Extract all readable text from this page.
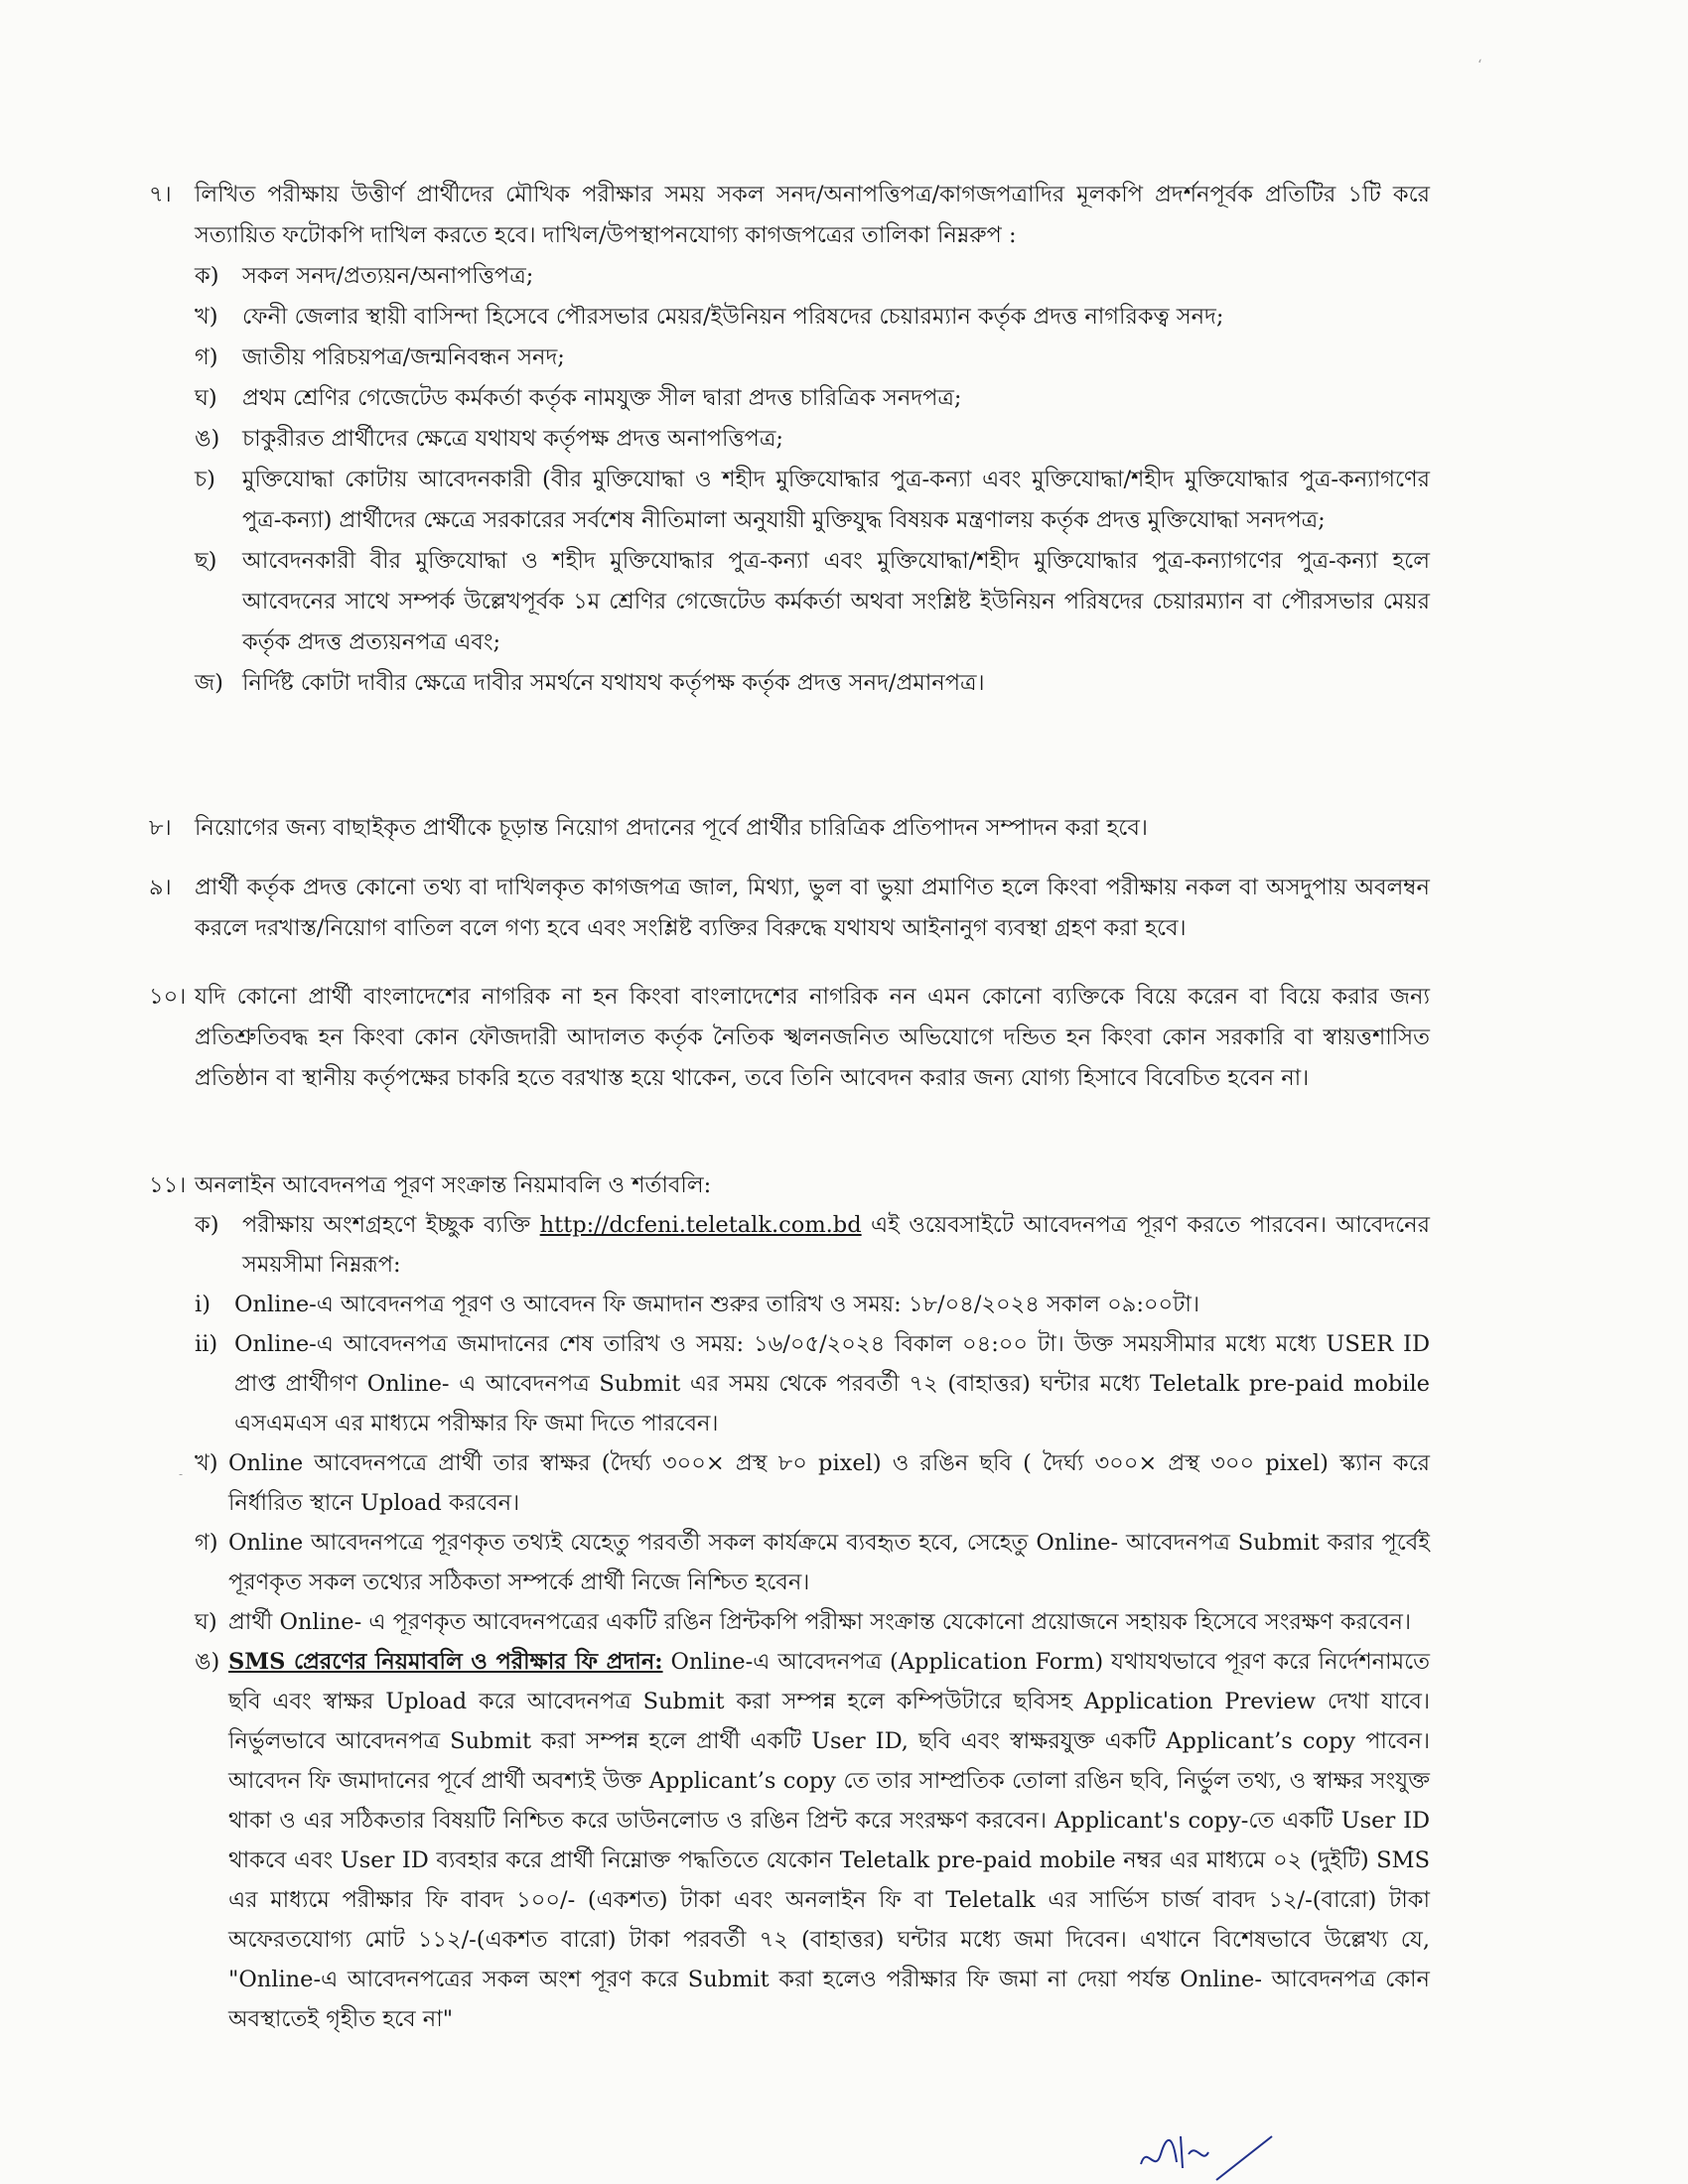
৭। লিখিত পরীক্ষায় উত্তীর্ণ প্রার্থীদের মৌখিক পরীক্ষার সময় সকল সনদ/অনাপত্তিপত্র/কাগজপত্রাদির মূলকপি প্রদর্শনপূর্বক প্রতিটির ১টি করে সত্যায়িত ফটোকপি দাখিল করতে হবে। দাখিল/উপস্থাপনযোগ্য কাগজপত্রের তালিকা নিম্নরুপ :
ক) সকল সনদ/প্রত্যয়ন/অনাপত্তিপত্র;
খ) ফেনী জেলার স্থায়ী বাসিন্দা হিসেবে পৌরসভার মেয়র/ইউনিয়ন পরিষদের চেয়ারম্যান কর্তৃক প্রদত্ত নাগরিকত্ব সনদ;
গ) জাতীয় পরিচয়পত্র/জন্মনিবন্ধন সনদ;
ঘ) প্রথম শ্রেণির গেজেটেড কর্মকর্তা কর্তৃক নামযুক্ত সীল দ্বারা প্রদত্ত চারিত্রিক সনদপত্র;
ঙ) চাকুরীরত প্রার্থীদের ক্ষেত্রে যথাযথ কর্তৃপক্ষ প্রদত্ত অনাপত্তিপত্র;
চ) মুক্তিযোদ্ধা কোটায় আবেদনকারী (বীর মুক্তিযোদ্ধা ও শহীদ মুক্তিযোদ্ধার পুত্র-কন্যা এবং মুক্তিযোদ্ধা/শহীদ মুক্তিযোদ্ধার পুত্র-কন্যাগণের পুত্র-কন্যা) প্রার্থীদের ক্ষেত্রে সরকারের সর্বশেষ নীতিমালা অনুযায়ী মুক্তিযুদ্ধ বিষয়ক মন্ত্রণালয় কর্তৃক প্রদত্ত মুক্তিযোদ্ধা সনদপত্র;
ছ) আবেদনকারী বীর মুক্তিযোদ্ধা ও শহীদ মুক্তিযোদ্ধার পুত্র-কন্যা এবং মুক্তিযোদ্ধা/শহীদ মুক্তিযোদ্ধার পুত্র-কন্যাগণের পুত্র-কন্যা হলে আবেদনের সাথে সম্পর্ক উল্লেখপূর্বক ১ম শ্রেণির গেজেটেড কর্মকর্তা অথবা সংশ্লিষ্ট ইউনিয়ন পরিষদের চেয়ারম্যান বা পৌরসভার মেয়র কর্তৃক প্রদত্ত প্রত্যয়নপত্র এবং;
জ) নির্দিষ্ট কোটা দাবীর ক্ষেত্রে দাবীর সমর্থনে যথাযথ কর্তৃপক্ষ কর্তৃক প্রদত্ত সনদ/প্রমানপত্র।
৮। নিয়োগের জন্য বাছাইকৃত প্রার্থীকে চূড়ান্ত নিয়োগ প্রদানের পূর্বে প্রার্থীর চারিত্রিক প্রতিপাদন সম্পাদন করা হবে।
৯। প্রার্থী কর্তৃক প্রদত্ত কোনো তথ্য বা দাখিলকৃত কাগজপত্র জাল, মিথ্যা, ভুল বা ভুয়া প্রমাণিত হলে কিংবা পরীক্ষায় নকল বা অসদুপায় অবলম্বন করলে দরখাস্ত/নিয়োগ বাতিল বলে গণ্য হবে এবং সংশ্লিষ্ট ব্যক্তির বিরুদ্ধে যথাযথ আইনানুগ ব্যবস্থা গ্রহণ করা হবে।
১০। যদি কোনো প্রার্থী বাংলাদেশের নাগরিক না হন কিংবা বাংলাদেশের নাগরিক নন এমন কোনো ব্যক্তিকে বিয়ে করেন বা বিয়ে করার জন্য প্রতিশ্রুতিবদ্ধ হন কিংবা কোন ফৌজদারী আদালত কর্তৃক নৈতিক স্খলনজনিত অভিযোগে দন্ডিত হন কিংবা কোন সরকারি বা স্বায়ত্তশাসিত প্রতিষ্ঠান বা স্থানীয় কর্তৃপক্ষের চাকরি হতে বরখাস্ত হয়ে থাকেন, তবে তিনি আবেদন করার জন্য যোগ্য হিসাবে বিবেচিত হবেন না।
১১। অনলাইন আবেদনপত্র পূরণ সংক্রান্ত নিয়মাবলি ও শর্তাবলি:
ক) পরীক্ষায় অংশগ্রহণে ইচ্ছুক ব্যক্তি http://dcfeni.teletalk.com.bd এই ওয়েবসাইটে আবেদনপত্র পূরণ করতে পারবেন। আবেদনের সময়সীমা নিম্নরূপ:
i) Online-এ আবেদনপত্র পূরণ ও আবেদন ফি জমাদান শুরুর তারিখ ও সময়: ১৮/০৪/২০২৪ সকাল ০৯:০০টা।
ii) Online-এ আবেদনপত্র জমাদানের শেষ তারিখ ও সময়: ১৬/০৫/২০২৪ বিকাল ০৪:০০ টা। উক্ত সময়সীমার মধ্যে মধ্যে USER ID প্রাপ্ত প্রার্থীগণ Online- এ আবেদনপত্র Submit এর সময় থেকে পরবর্তী ৭২ (বাহাত্তর) ঘন্টার মধ্যে Teletalk pre-paid mobile এসএমএস এর মাধ্যমে পরীক্ষার ফি জমা দিতে পারবেন।
খ) Online আবেদনপত্রে প্রার্থী তার স্বাক্ষর (দৈর্ঘ্য ৩০০× প্রস্থ ৮০ pixel) ও রঙিন ছবি ( দৈর্ঘ্য ৩০০× প্রস্থ ৩০০ pixel) স্ক্যান করে নির্ধারিত স্থানে Upload করবেন।
গ) Online আবেদনপত্রে পূরণকৃত তথ্যই যেহেতু পরবর্তী সকল কার্যক্রমে ব্যবহৃত হবে, সেহেতু Online- আবেদনপত্র Submit করার পূর্বেই পূরণকৃত সকল তথ্যের সঠিকতা সম্পর্কে প্রার্থী নিজে নিশ্চিত হবেন।
ঘ) প্রার্থী Online- এ পূরণকৃত আবেদনপত্রের একটি রঙিন প্রিন্টকপি পরীক্ষা সংক্রান্ত যেকোনো প্রয়োজনে সহায়ক হিসেবে সংরক্ষণ করবেন।
ঙ) SMS প্রেরণের নিয়মাবলি ও পরীক্ষার ফি প্রদান: Online-এ আবেদনপত্র (Application Form) যথাযথভাবে পূরণ করে নির্দেশনামতে ছবি এবং স্বাক্ষর Upload করে আবেদনপত্র Submit করা সম্পন্ন হলে কম্পিউটারে ছবিসহ Application Preview দেখা যাবে। নির্ভুলভাবে আবেদনপত্র Submit করা সম্পন্ন হলে প্রার্থী একটি User ID, ছবি এবং স্বাক্ষরযুক্ত একটি Applicant’s copy পাবেন। আবেদন ফি জমাদানের পূর্বে প্রার্থী অবশ্যই উক্ত Applicant’s copy তে তার সাম্প্রতিক তোলা রঙিন ছবি, নির্ভুল তথ্য, ও স্বাক্ষর সংযুক্ত থাকা ও এর সঠিকতার বিষয়টি নিশ্চিত করে ডাউনলোড ও রঙিন প্রিন্ট করে সংরক্ষণ করবেন। Applicant's copy-তে একটি User ID থাকবে এবং User ID ব্যবহার করে প্রার্থী নিম্নোক্ত পদ্ধতিতে যেকোন Teletalk pre-paid mobile নম্বর এর মাধ্যমে ০২ (দুইটি) SMS এর মাধ্যমে পরীক্ষার ফি বাবদ ১০০/- (একশত) টাকা এবং অনলাইন ফি বা Teletalk এর সার্ভিস চার্জ বাবদ ১২/-(বারো) টাকা অফেরতযোগ্য মোট ১১২/-(একশত বারো) টাকা পরবর্তী ৭২ (বাহাত্তর) ঘন্টার মধ্যে জমা দিবেন। এখানে বিশেষভাবে উল্লেখ্য যে, "Online-এ আবেদনপত্রের সকল অংশ পূরণ করে Submit করা হলেও পরীক্ষার ফি জমা না দেয়া পর্যন্ত Online- আবেদনপত্র কোন অবস্থাতেই গৃহীত হবে না"
‘
-
